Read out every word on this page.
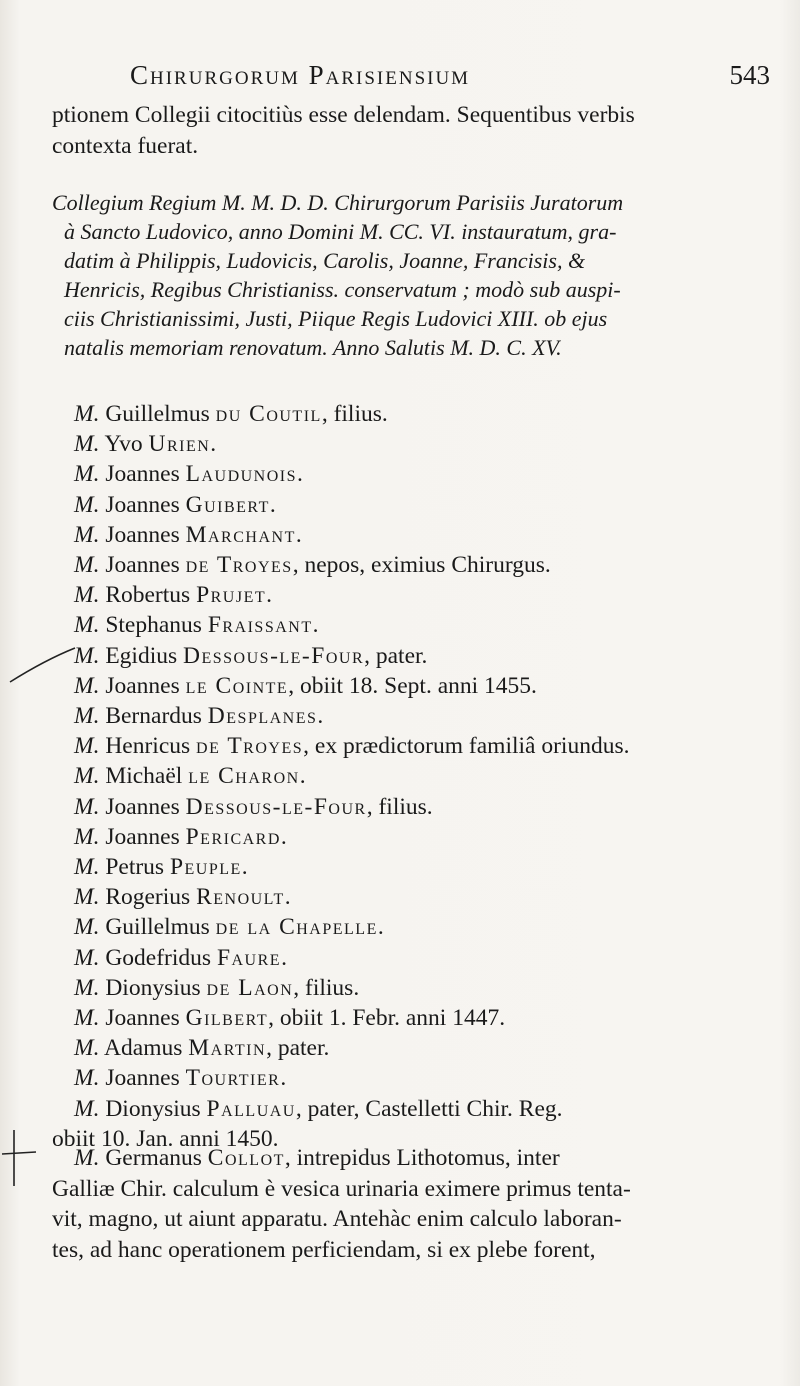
Chirurgorum Parisiensium	543
ptionem Collegii citocitiùs esse delendam. Sequentibus verbis
contexta fuerat.
Collegium Regium M. M. D. D. Chirurgorum Parisiis Juratorum
à Sancto Ludovico, anno Domini M. CC. VI. instauratum, gra-
datim à Philippis, Ludovicis, Carolis, Joanne, Francisis, &
Henricis, Regibus Christianiss. conservatum ; modò sub auspi-
ciis Christianissimi, Justi, Piique Regis Ludovici XIII. ob ejus
natalis memoriam renovatum. Anno Salutis M. D. C. XV.
M. Guillelmus du Coutil, filius.
M. Yvo Urien.
M. Joannes Laudunois.
M. Joannes Guibert.
M. Joannes Marchant.
M. Joannes de Troyes, nepos, eximius Chirurgus.
M. Robertus Prujet.
M. Stephanus Fraissant.
M. Egidius Dessous-le-Four, pater.
M. Joannes le Cointe, obiit 18. Sept. anni 1455.
M. Bernardus Desplanes.
M. Henricus de Troyes, ex prædictorum familiâ oriundus.
M. Michaël le Charon.
M. Joannes Dessous-le-Four, filius.
M. Joannes Pericard.
M. Petrus Peuple.
M. Rogerius Renoult.
M. Guillelmus de la Chapelle.
M. Godefridus Faure.
M. Dionysius de Laon, filius.
M. Joannes Gilbert, obiit 1. Febr. anni 1447.
M. Adamus Martin, pater.
M. Joannes Tourtier.
M. Dionysius Palluau, pater, Castelletti Chir. Reg.
obiit 10. Jan. anni 1450.
M. Germanus Collot, intrepidus Lithotomus, inter
Galliæ Chir. calculum è vesica urinaria eximere primus tenta-
vit, magno, ut aiunt apparatu. Antehàc enim calculo laboran-
tes, ad hanc operationem perficiendam, si ex plebe forent,
